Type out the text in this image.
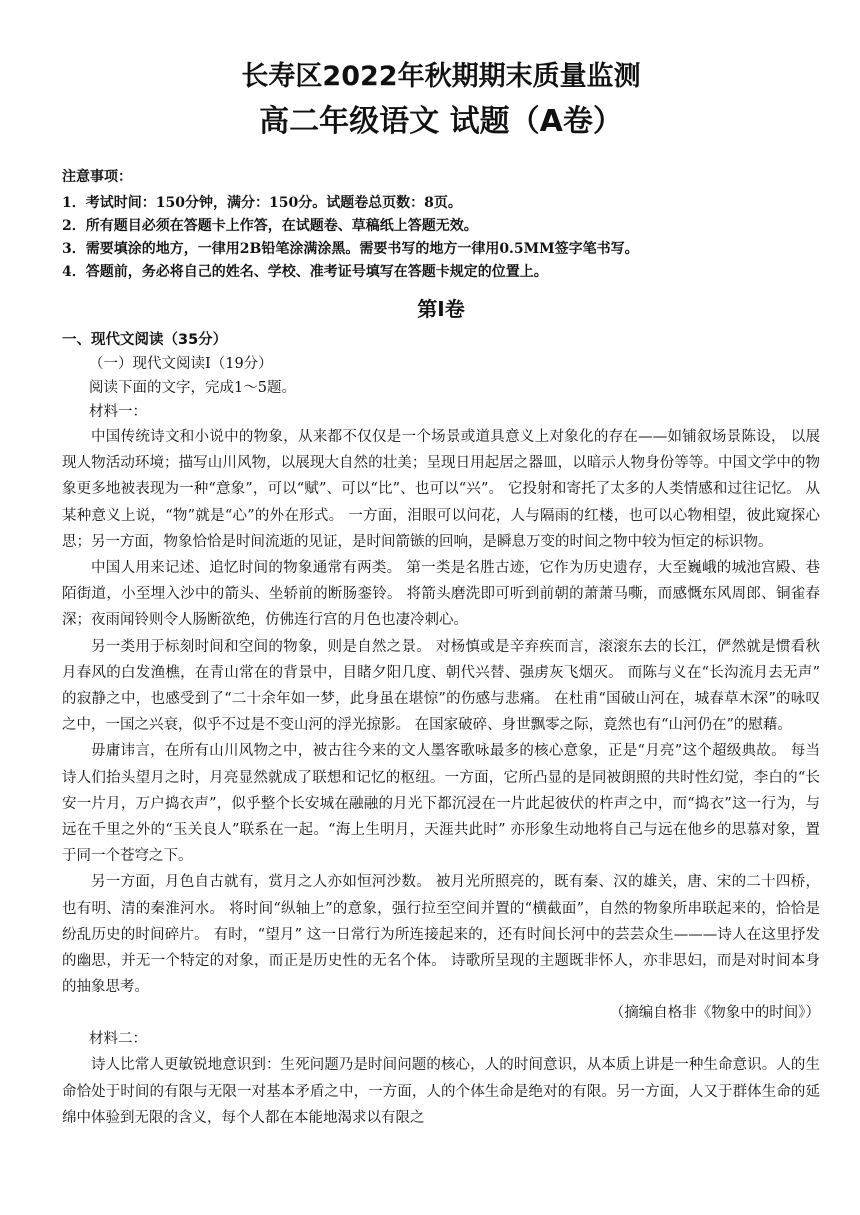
长寿区2022年秋期期末质量监测
高二年级语文 试题（A卷）
注意事项：
1．考试时间：150分钟，满分：150分。试题卷总页数：8页。
2．所有题目必须在答题卡上作答，在试题卷、草稿纸上答题无效。
3．需要填涂的地方，一律用2B铅笔涂满涂黑。需要书写的地方一律用0.5MM签字笔书写。
4．答题前，务必将自己的姓名、学校、准考证号填写在答题卡规定的位置上。
第I卷
一、现代文阅读（35分）
（一）现代文阅读Ⅰ（19分）
阅读下面的文字，完成1～5题。
材料一：

中国传统诗文和小说中的物象，从来都不仅仅是一个场景或道具意义上对象化的存在——如铺叙场景陈设， 以展现人物活动环境；描写山川风物，以展现大自然的壮美；呈现日用起居之器皿，以暗示人物身份等等。中国文学中的物象更多地被表现为一种“意象”，可以“赋”、可以“比”、也可以“兴”。 它投射和寄托了太多的人类情感和过往记忆。 从某种意义上说，“物”就是“心”的外在形式。 一方面，泪眼可以问花，人与隔雨的红楼，也可以心物相望，彼此窥探心思；另一方面，物象恰恰是时间流逝的见证，是时间箭镞的回响，是瞬息万变的时间之物中较为恒定的标识物。

中国人用来记述、追忆时间的物象通常有两类。 第一类是名胜古迹，它作为历史遗存，大至巍峨的城池宫殿、巷陌街道，小至埋入沙中的箭头、坐轿前的断肠銮铃。 将箭头磨洗即可听到前朝的萧萧马嘶，而感慨东风周郎、铜雀春深；夜雨闻铃则令人肠断欲绝，仿佛连行宫的月色也凄冷刺心。

另一类用于标刻时间和空间的物象，则是自然之景。 对杨慎或是辛弃疾而言，滚滚东去的长江，俨然就是惯看秋月春风的白发渔樵，在青山常在的背景中，目睹夕阳几度、朝代兴替、强虏灰飞烟灭。 而陈与义在“长沟流月去无声” 的寂静之中，也感受到了“二十余年如一梦，此身虽在堪惊”的伤感与悲痛。 在杜甫“国破山河在，城春草木深”的咏叹之中，一国之兴衰，似乎不过是不变山河的浮光掠影。 在国家破碎、身世飘零之际，竟然也有“山河仍在”的慰藉。

毋庸讳言，在所有山川风物之中，被古往今来的文人墨客歌咏最多的核心意象，正是“月亮”这个超级典故。 每当诗人们抬头望月之时，月亮显然就成了联想和记忆的枢纽。一方面，它所凸显的是同被朗照的共时性幻觉，李白的“长安一片月，万户捣衣声”，似乎整个长安城在融融的月光下都沉浸在一片此起彼伏的杵声之中，而“捣衣”这一行为，与远在千里之外的“玉关良人”联系在一起。“海上生明月，天涯共此时” 亦形象生动地将自己与远在他乡的思慕对象，置于同一个苍穹之下。

另一方面，月色自古就有，赏月之人亦如恒河沙数。 被月光所照亮的，既有秦、汉的雄关，唐、宋的二十四桥，也有明、清的秦淮河水。 将时间“纵轴上”的意象，强行拉至空间并置的“横截面”，自然的物象所串联起来的，恰恰是纷乱历史的时间碎片。 有时，“望月” 这一日常行为所连接起来的，还有时间长河中的芸芸众生———诗人在这里抒发的幽思，并无一个特定的对象，而正是历史性的无名个体。 诗歌所呈现的主题既非怀人，亦非思妇，而是对时间本身的抽象思考。

（摘编自格非《物象中的时间》）
材料二：

诗人比常人更敏锐地意识到：生死问题乃是时间问题的核心，人的时间意识，从本质上讲是一种生命意识。人的生命恰处于时间的有限与无限一对基本矛盾之中，一方面，人的个体生命是绝对的有限。另一方面，人又于群体生命的延绵中体验到无限的含义，每个人都在本能地渴求以有限之
